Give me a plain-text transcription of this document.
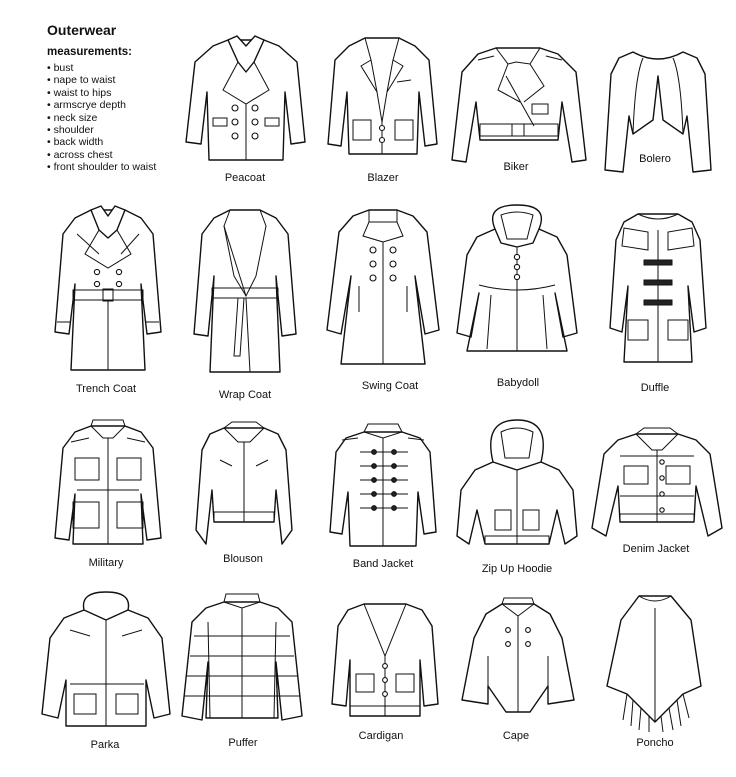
Outerwear
measurements:
• bust
• nape to waist
• waist to hips
• armscrye depth
• neck size
• shoulder
• back width
• across chest
• front shoulder to waist
Peacoat	Blazer
Biker
Bolero
Trench Coat	Wrap Coat
Swing Coat	Babydoll	Duffle
Military	Blouson	Band Jacket	Zip Up Hoodie
Denim Jacket
Parka	Puffer
Cardigan	Cape
Poncho
